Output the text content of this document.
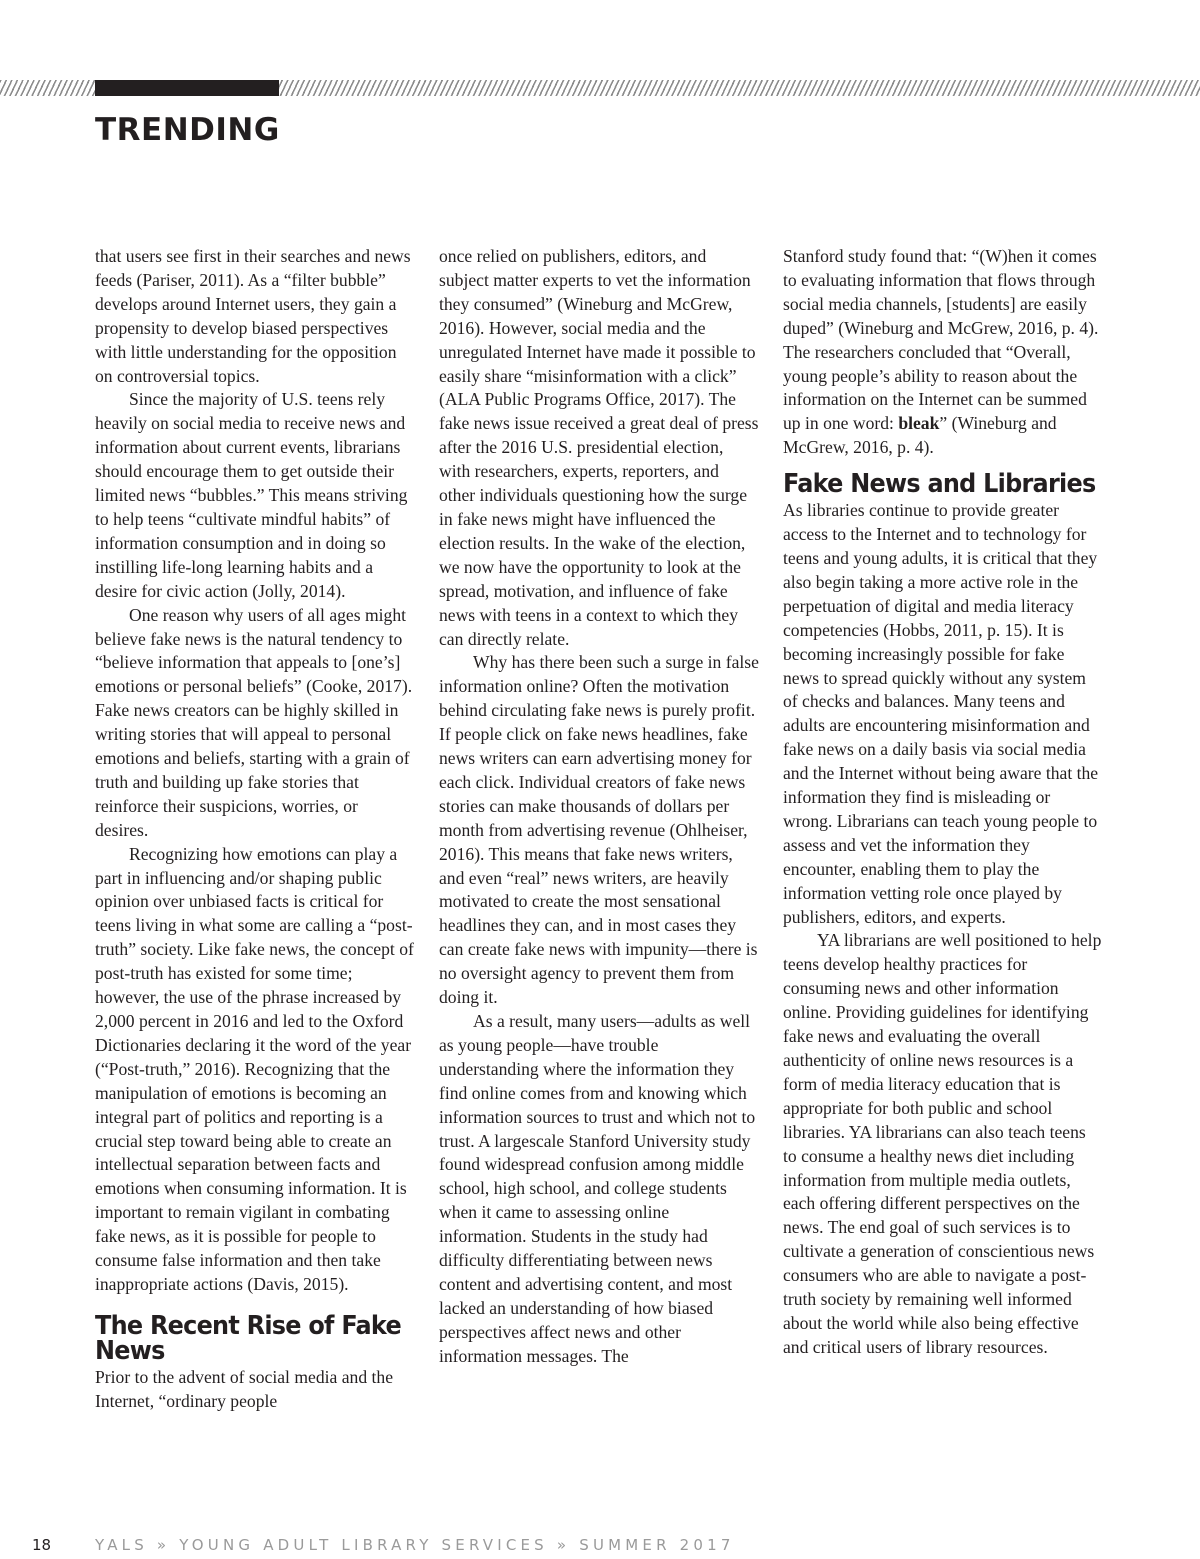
TRENDING

that users see first in their searches and news feeds (Pariser, 2011). As a “filter bubble” develops around Internet users, they gain a propensity to develop biased perspectives with little understanding for the opposition on controversial topics.

Since the majority of U.S. teens rely heavily on social media to receive news and information about current events, librarians should encourage them to get outside their limited news “bubbles.” This means striving to help teens “cultivate mindful habits” of information consumption and in doing so instilling life-long learning habits and a desire for civic action (Jolly, 2014).

One reason why users of all ages might believe fake news is the natural tendency to “believe information that appeals to [one’s] emotions or personal beliefs” (Cooke, 2017). Fake news creators can be highly skilled in writing stories that will appeal to personal emotions and beliefs, starting with a grain of truth and building up fake stories that reinforce their suspicions, worries, or desires.

Recognizing how emotions can play a part in influencing and/or shaping public opinion over unbiased facts is critical for teens living in what some are calling a “post-truth” society. Like fake news, the concept of post-truth has existed for some time; however, the use of the phrase increased by 2,000 percent in 2016 and led to the Oxford Dictionaries declaring it the word of the year (“Post-truth,” 2016). Recognizing that the manipulation of emotions is becoming an integral part of politics and reporting is a crucial step toward being able to create an intellectual separation between facts and emotions when consuming information. It is important to remain vigilant in combating fake news, as it is possible for people to consume false information and then take inappropriate actions (Davis, 2015).

The Recent Rise of Fake News

Prior to the advent of social media and the Internet, “ordinary people

once relied on publishers, editors, and subject matter experts to vet the information they consumed” (Wineburg and McGrew, 2016). However, social media and the unregulated Internet have made it possible to easily share “misinformation with a click” (ALA Public Programs Office, 2017). The fake news issue received a great deal of press after the 2016 U.S. presidential election, with researchers, experts, reporters, and other individuals questioning how the surge in fake news might have influenced the election results. In the wake of the election, we now have the opportunity to look at the spread, motivation, and influence of fake news with teens in a context to which they can directly relate.

Why has there been such a surge in false information online? Often the motivation behind circulating fake news is purely profit. If people click on fake news headlines, fake news writers can earn advertising money for each click. Individual creators of fake news stories can make thousands of dollars per month from advertising revenue (Ohlheiser, 2016). This means that fake news writers, and even “real” news writers, are heavily motivated to create the most sensational headlines they can, and in most cases they can create fake news with impunity—there is no oversight agency to prevent them from doing it.

As a result, many users—adults as well as young people—have trouble understanding where the information they find online comes from and knowing which information sources to trust and which not to trust. A largescale Stanford University study found widespread confusion among middle school, high school, and college students when it came to assessing online information. Students in the study had difficulty differentiating between news content and advertising content, and most lacked an understanding of how biased perspectives affect news and other information messages. The

Stanford study found that: “(W)hen it comes to evaluating information that flows through social media channels, [students] are easily duped” (Wineburg and McGrew, 2016, p. 4). The researchers concluded that “Overall, young people’s ability to reason about the information on the Internet can be summed up in one word: bleak” (Wineburg and McGrew, 2016, p. 4).

Fake News and Libraries

As libraries continue to provide greater access to the Internet and to technology for teens and young adults, it is critical that they also begin taking a more active role in the perpetuation of digital and media literacy competencies (Hobbs, 2011, p. 15). It is becoming increasingly possible for fake news to spread quickly without any system of checks and balances. Many teens and adults are encountering misinformation and fake news on a daily basis via social media and the Internet without being aware that the information they find is misleading or wrong. Librarians can teach young people to assess and vet the information they encounter, enabling them to play the information vetting role once played by publishers, editors, and experts.

YA librarians are well positioned to help teens develop healthy practices for consuming news and other information online. Providing guidelines for identifying fake news and evaluating the overall authenticity of online news resources is a form of media literacy education that is appropriate for both public and school libraries. YA librarians can also teach teens to consume a healthy news diet including information from multiple media outlets, each offering different perspectives on the news. The end goal of such services is to cultivate a generation of conscientious news consumers who are able to navigate a post-truth society by remaining well informed about the world while also being effective and critical users of library resources.

18	YALS » YOUNG ADULT LIBRARY SERVICES » SUMMER 2017
